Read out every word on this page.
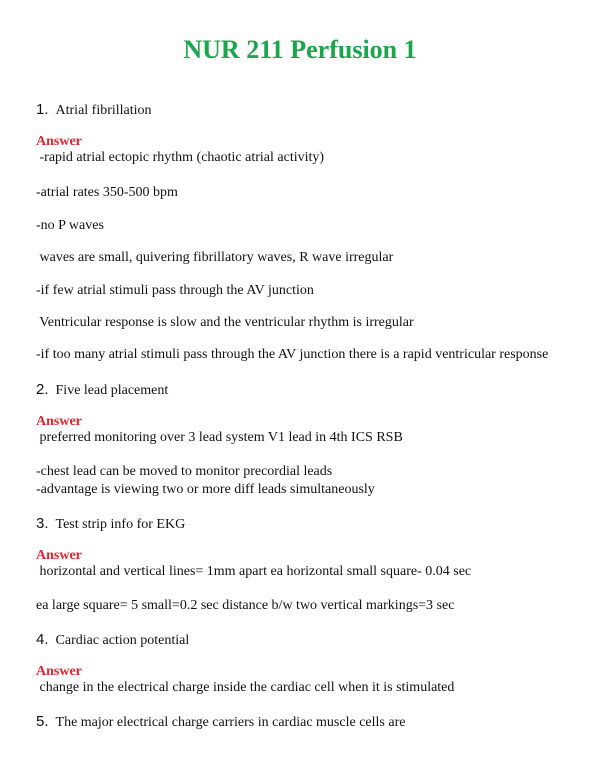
NUR 211 Perfusion 1
1. Atrial fibrillation
Answer
-rapid atrial ectopic rhythm (chaotic atrial activity)
-atrial rates 350-500 bpm
-no P waves
waves are small, quivering fibrillatory waves, R wave irregular
-if few atrial stimuli pass through the AV junction
Ventricular response is slow and the ventricular rhythm is irregular
-if too many atrial stimuli pass through the AV junction there is a rapid ventricular response
2. Five lead placement
Answer
preferred monitoring over 3 lead system V1 lead in 4th ICS RSB
-chest lead can be moved to monitor precordial leads
-advantage is viewing two or more diff leads simultaneously
3. Test strip info for EKG
Answer
horizontal and vertical lines= 1mm apart ea horizontal small square- 0.04 sec
ea large square= 5 small=0.2 sec distance b/w two vertical markings=3 sec
4. Cardiac action potential
Answer
change in the electrical charge inside the cardiac cell when it is stimulated
5. The major electrical charge carriers in cardiac muscle cells are
